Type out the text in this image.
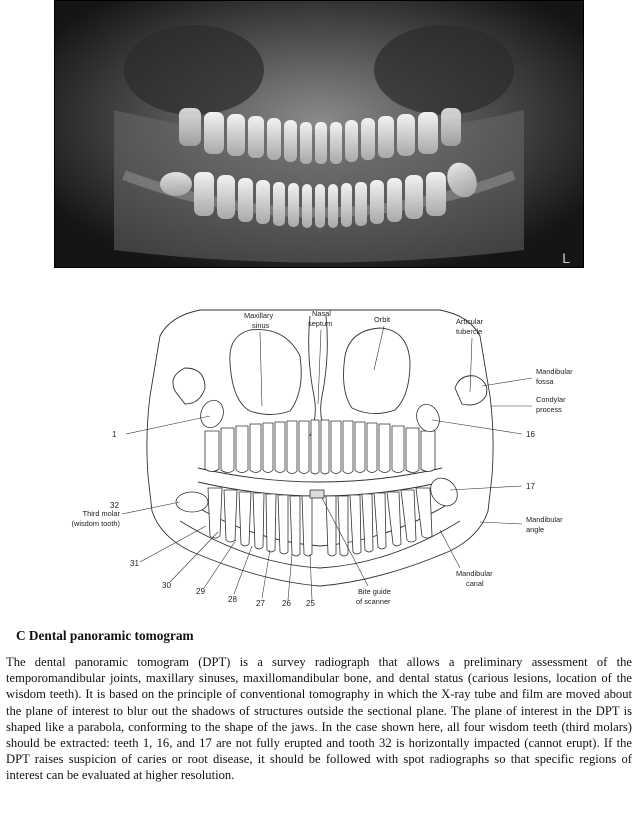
L
Maxillary sinus
Nasal septum	Orbit	Articular tubercle
Mandibular fossa
Condylar process
Third molar (wisdom tooth)	Mandibular angle
Mandibular canal
Bite guide of scanner
1	16
17
32
31
30
29
28 27 26 25
C Dental panoramic tomogram

The dental panoramic tomogram (DPT) is a survey radiograph that allows a preliminary assessment of the temporomandibular joints, maxillary sinuses, maxillomandibular bone, and dental status (carious lesions, location of the wisdom teeth). It is based on the principle of conventional tomography in which the X-ray tube and film are moved about the plane of interest to blur out the shadows of structures outside the sectional plane. The plane of interest in the DPT is shaped like a parabola, conforming to the shape of the jaws. In the case shown here, all four wisdom teeth (third molars) should be extracted: teeth 1, 16, and 17 are not fully erupted and tooth 32 is horizontally impacted (cannot erupt). If the DPT raises suspicion of caries or root disease, it should be followed with spot radiographs so that specific regions of interest can be evaluated at higher resolution.
